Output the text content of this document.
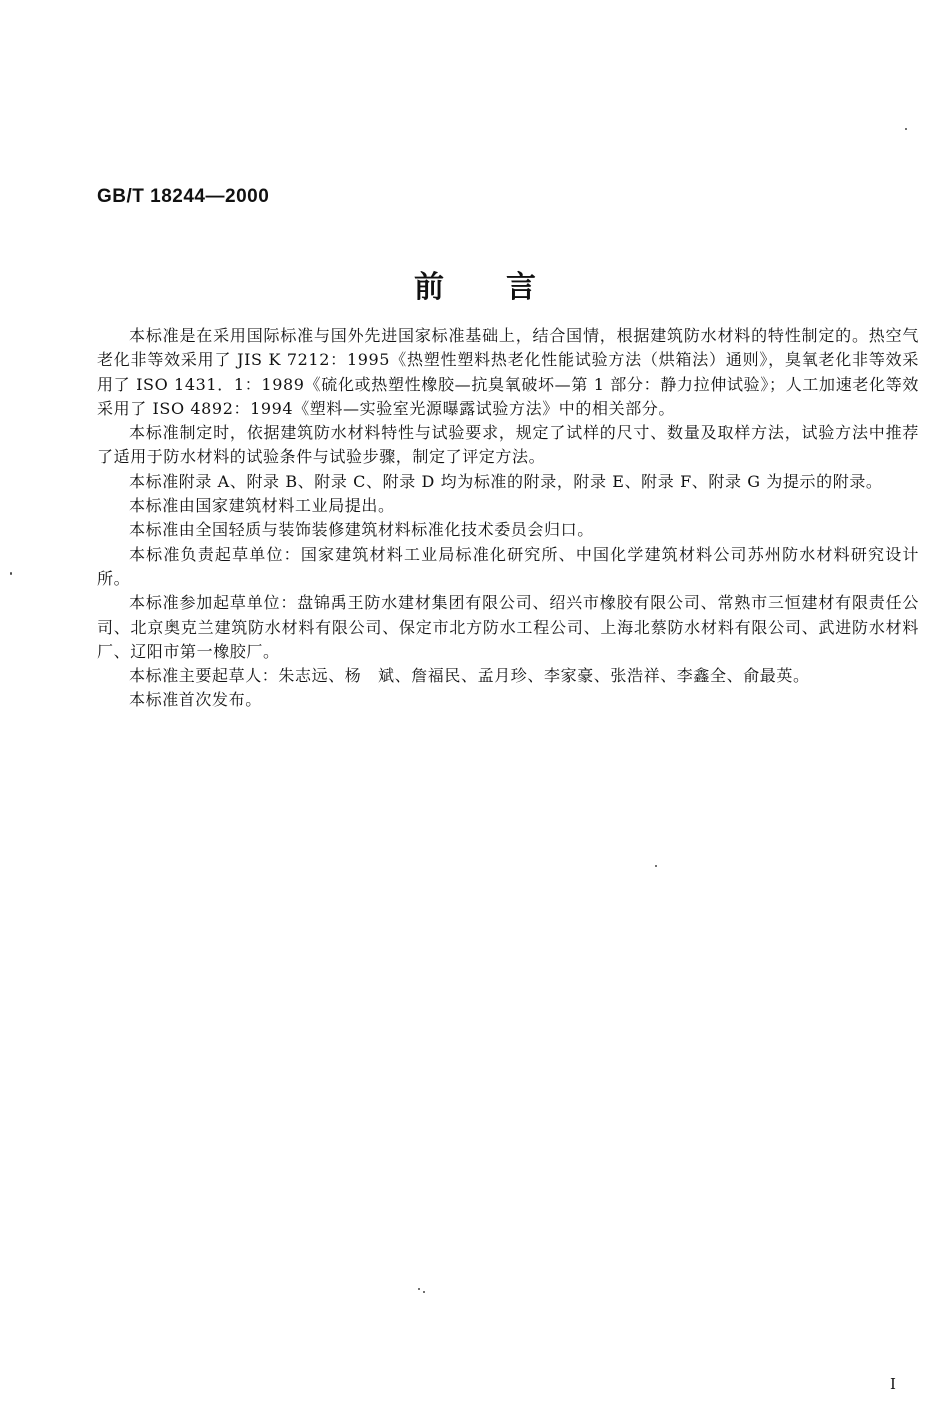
GB/T 18244—2000
前言

本标准是在采用国际标准与国外先进国家标准基础上，结合国情，根据建筑防水材料的特性制定的。热空气老化非等效采用了 JIS K 7212：1995《热塑性塑料热老化性能试验方法（烘箱法）通则》，臭氧老化非等效采用了 ISO 1431．1：1989《硫化或热塑性橡胶—抗臭氧破坏—第 1 部分：静力拉伸试验》；人工加速老化等效采用了 ISO 4892：1994《塑料—实验室光源曝露试验方法》中的相关部分。

本标准制定时，依据建筑防水材料特性与试验要求，规定了试样的尺寸、数量及取样方法，试验方法中推荐了适用于防水材料的试验条件与试验步骤，制定了评定方法。

本标准附录 A、附录 B、附录 C、附录 D 均为标准的附录，附录 E、附录 F、附录 G 为提示的附录。

本标准由国家建筑材料工业局提出。

本标准由全国轻质与装饰装修建筑材料标准化技术委员会归口。

本标准负责起草单位：国家建筑材料工业局标准化研究所、中国化学建筑材料公司苏州防水材料研究设计所。

本标准参加起草单位：盘锦禹王防水建材集团有限公司、绍兴市橡胶有限公司、常熟市三恒建材有限责任公司、北京奥克兰建筑防水材料有限公司、保定市北方防水工程公司、上海北蔡防水材料有限公司、武进防水材料厂、辽阳市第一橡胶厂。

本标准主要起草人：朱志远、杨　斌、詹福民、孟月珍、李家豪、张浩祥、李鑫全、俞最英。

本标准首次发布。

I
